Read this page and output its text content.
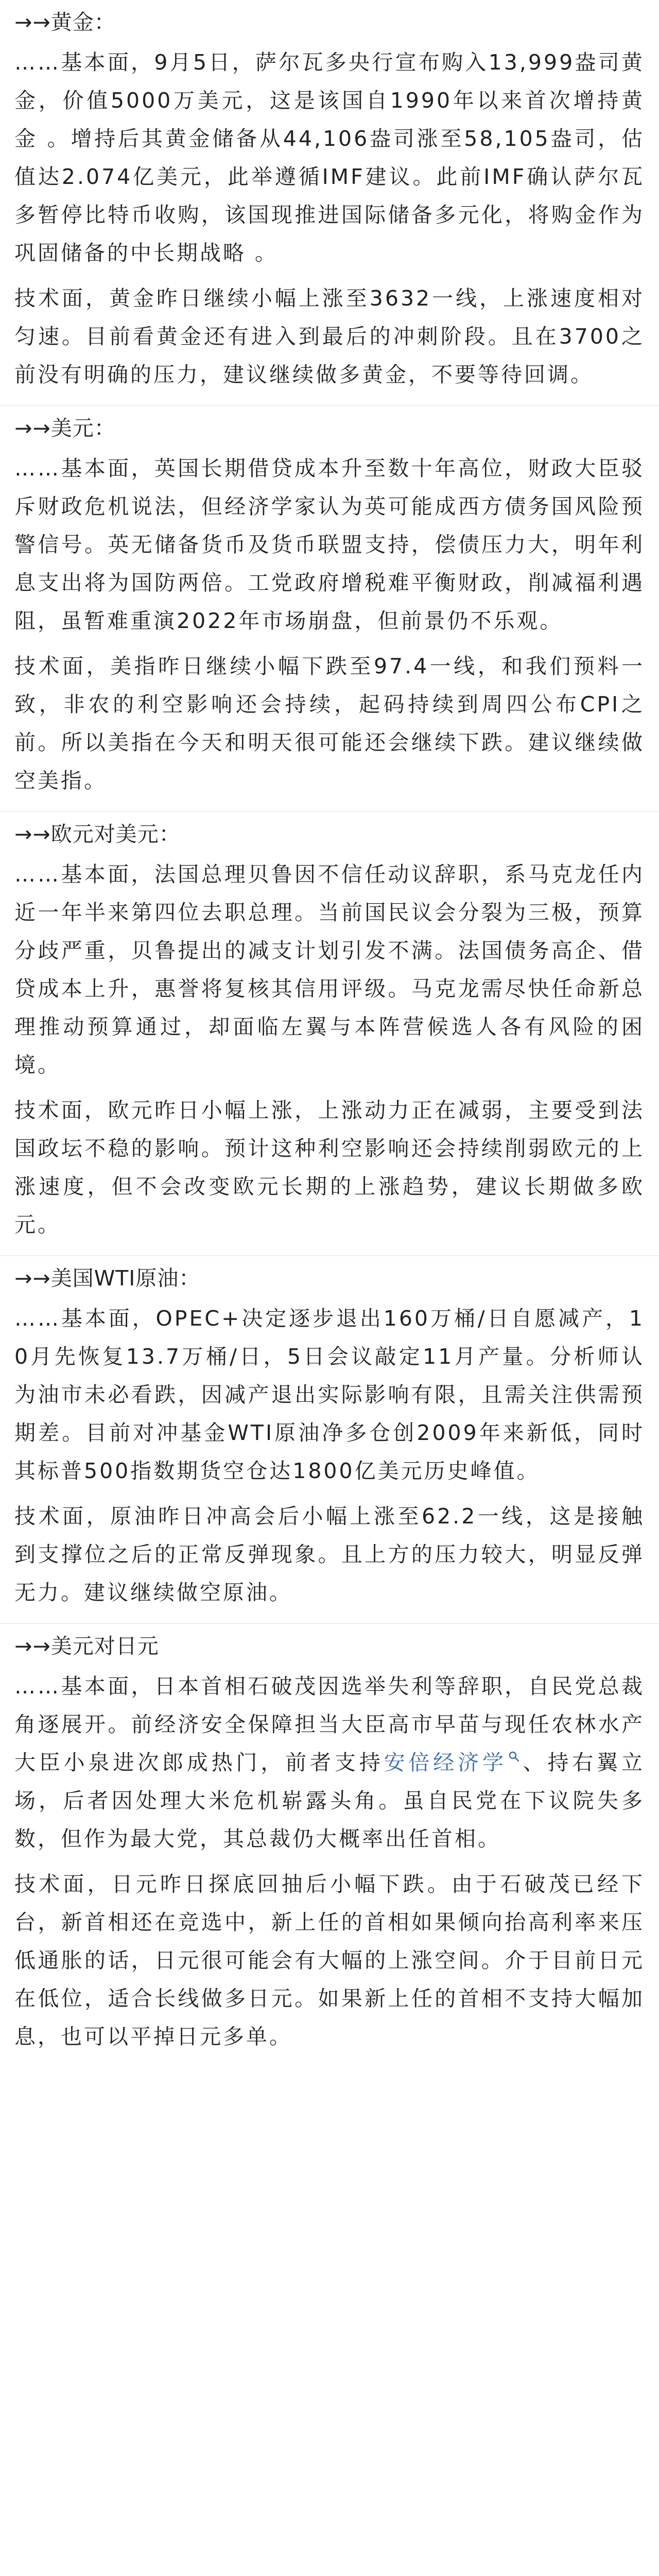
→→黄金：

……基本面，9月5日，萨尔瓦多央行宣布购入13,999盎司黄金，价值5000万美元，这是该国自1990年以来首次增持黄金 。增持后其黄金储备从44,106盎司涨至58,105盎司，估值达2.074亿美元，此举遵循IMF建议。此前IMF确认萨尔瓦多暂停比特币收购，该国现推进国际储备多元化，将购金作为巩固储备的中长期战略 。

技术面，黄金昨日继续小幅上涨至3632一线，上涨速度相对匀速。目前看黄金还有进入到最后的冲刺阶段。且在3700之前没有明确的压力，建议继续做多黄金，不要等待回调。

→→美元：

……基本面，英国长期借贷成本升至数十年高位，财政大臣驳斥财政危机说法，但经济学家认为英可能成西方债务国风险预警信号。英无储备货币及货币联盟支持，偿债压力大，明年利息支出将为国防两倍。工党政府增税难平衡财政，削减福利遇阻，虽暂难重演2022年市场崩盘，但前景仍不乐观。

技术面，美指昨日继续小幅下跌至97.4一线，和我们预料一致，非农的利空影响还会持续，起码持续到周四公布CPI之前。所以美指在今天和明天很可能还会继续下跌。建议继续做空美指。

→→欧元对美元：

……基本面，法国总理贝鲁因不信任动议辞职，系马克龙任内近一年半来第四位去职总理。当前国民议会分裂为三极，预算分歧严重，贝鲁提出的减支计划引发不满。法国债务高企、借贷成本上升，惠誉将复核其信用评级。马克龙需尽快任命新总理推动预算通过，却面临左翼与本阵营候选人各有风险的困境。

技术面，欧元昨日小幅上涨，上涨动力正在减弱，主要受到法国政坛不稳的影响。预计这种利空影响还会持续削弱欧元的上涨速度，但不会改变欧元长期的上涨趋势，建议长期做多欧元。

→→美国WTI原油：

……基本面，OPEC+决定逐步退出160万桶/日自愿减产，10月先恢复13.7万桶/日，5日会议敲定11月产量。分析师认为油市未必看跌，因减产退出实际影响有限，且需关注供需预期差。目前对冲基金WTI原油净多仓创2009年来新低，同时其标普500指数期货空仓达1800亿美元历史峰值。

技术面，原油昨日冲高会后小幅上涨至62.2一线，这是接触到支撑位之后的正常反弹现象。且上方的压力较大，明显反弹无力。建议继续做空原油。

→→美元对日元

……基本面，日本首相石破茂因选举失利等辞职，自民党总裁角逐展开。前经济安全保障担当大臣高市早苗与现任农林水产大臣小泉进次郎成热门，前者支持安倍经济学 、持右翼立场，后者因处理大米危机崭露头角。虽自民党在下议院失多数，但作为最大党，其总裁仍大概率出任首相。

技术面，日元昨日探底回抽后小幅下跌。由于石破茂已经下台，新首相还在竞选中，新上任的首相如果倾向抬高利率来压低通胀的话，日元很可能会有大幅的上涨空间。介于目前日元在低位，适合长线做多日元。如果新上任的首相不支持大幅加息，也可以平掉日元多单。
